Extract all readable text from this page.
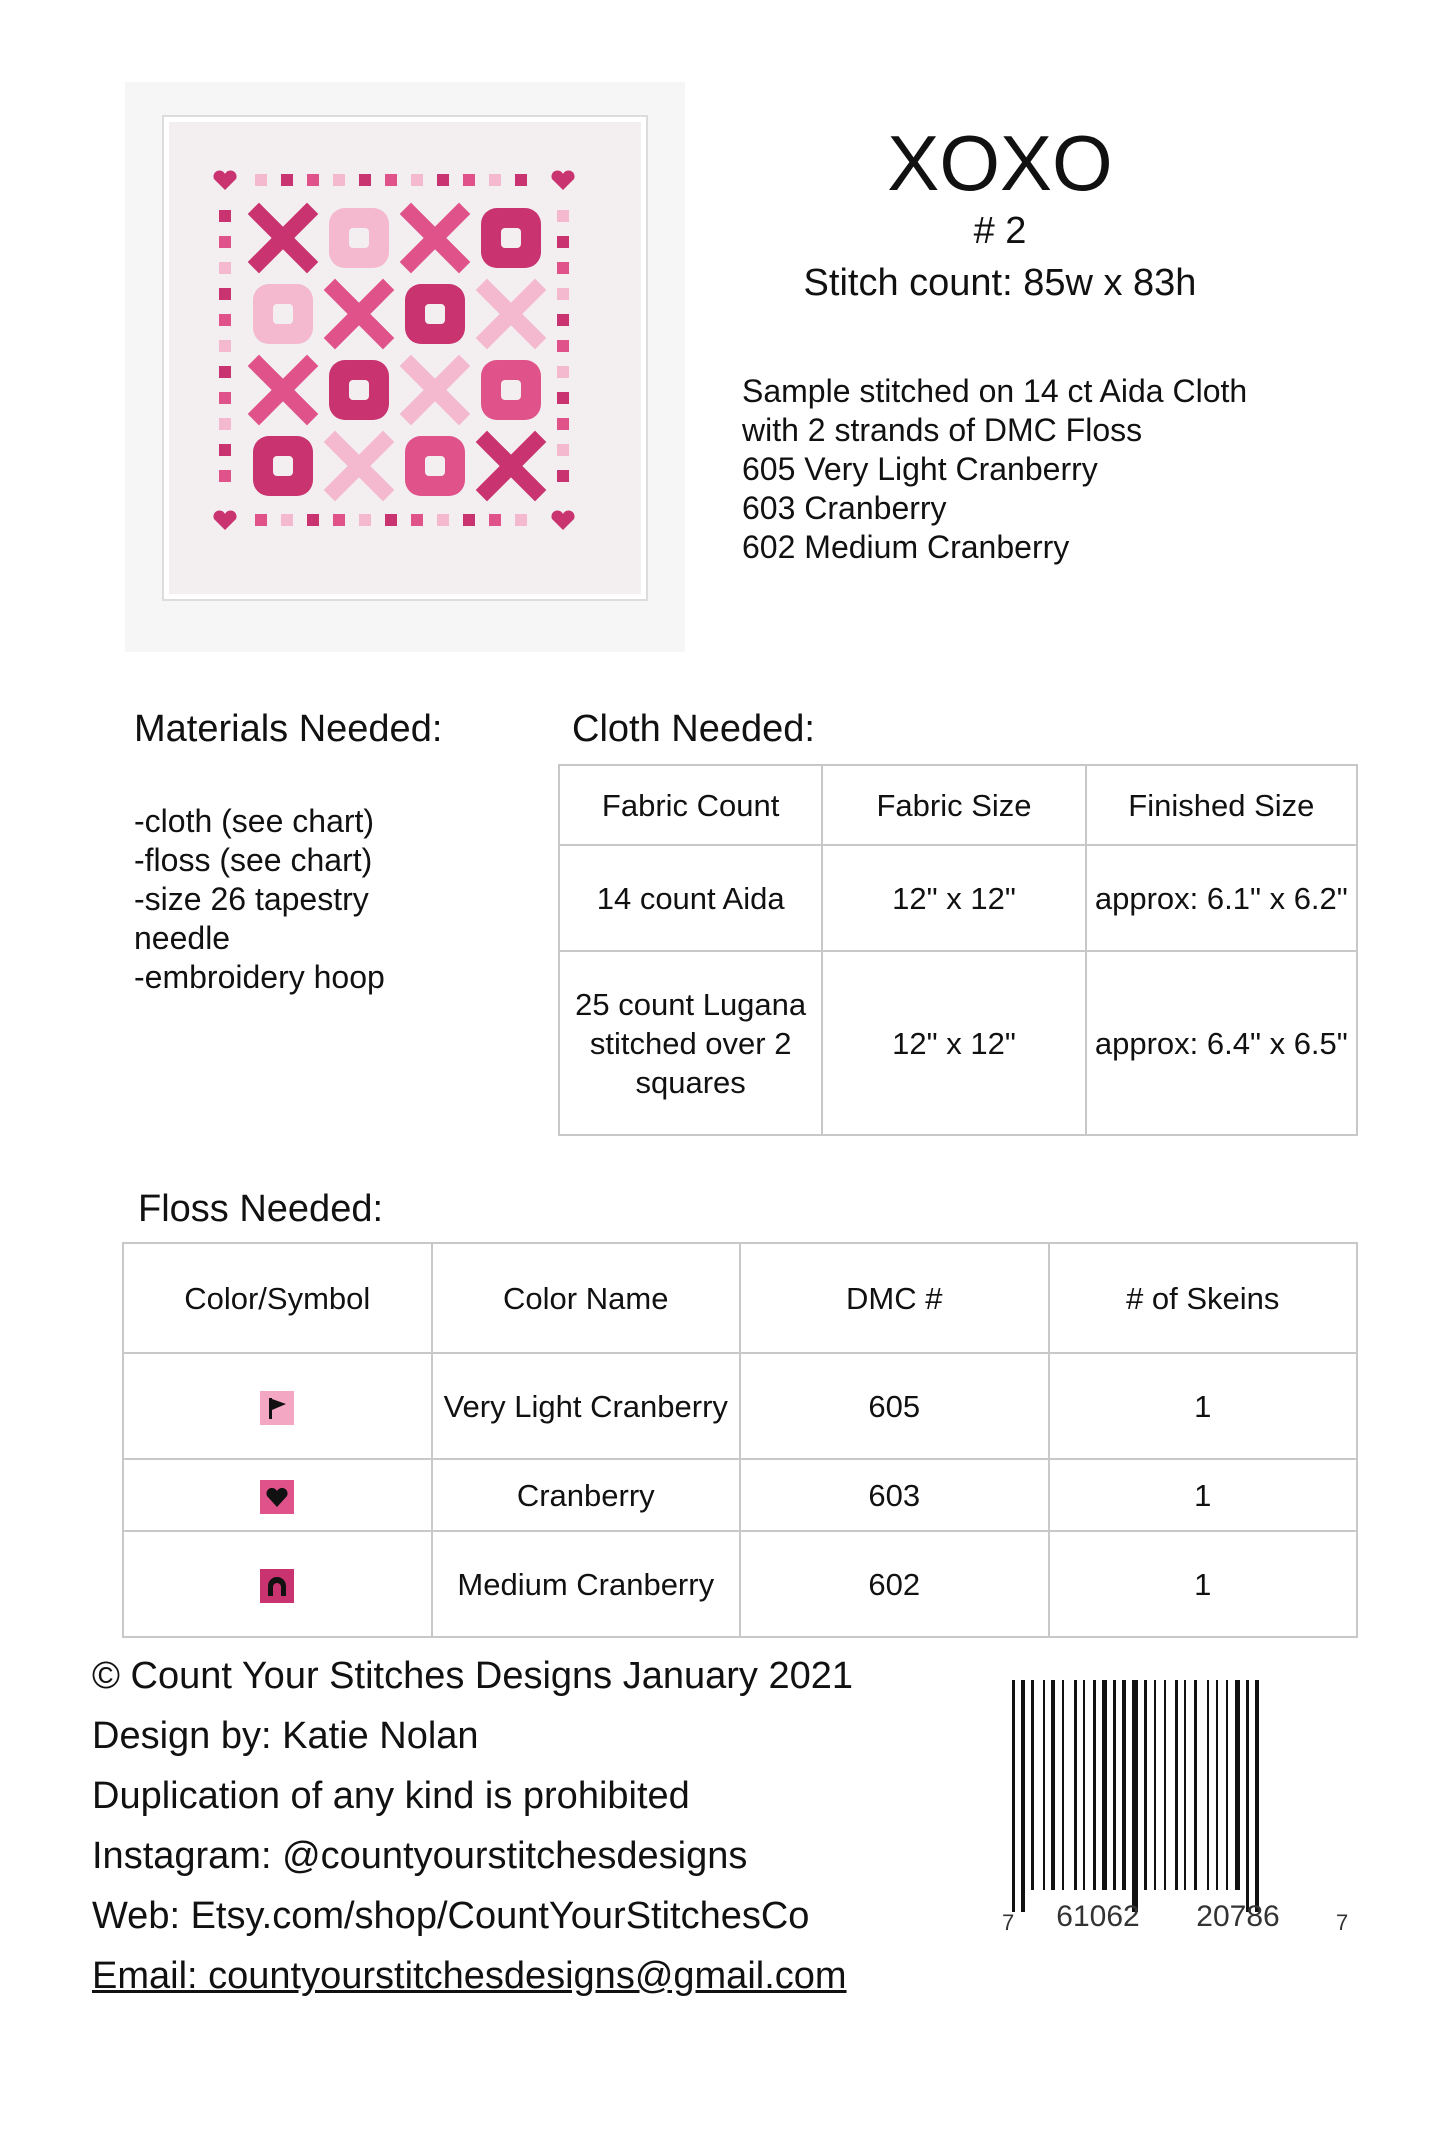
XOXO
# 2
Stitch count: 85w x 83h
Sample stitched on 14 ct Aida Cloth
with 2 strands of DMC Floss
605 Very Light Cranberry
603 Cranberry
602 Medium Cranberry
Materials Needed:
-cloth (see chart)
-floss (see chart)
-size 26 tapestry needle
-embroidery hoop
Cloth Needed:
Fabric Count	Fabric Size	Finished Size
14 count Aida	12" x 12"	approx: 6.1" x 6.2"
25 count Lugana stitched over 2 squares	12" x 12"	approx: 6.4" x 6.5"
Floss Needed:
Color/Symbol	Color Name	DMC #	# of Skeins
	Very Light Cranberry	605	1
	Cranberry	603	1
	Medium Cranberry	602	1
© Count Your Stitches Designs January 2021
Design by: Katie Nolan
Duplication of any kind is prohibited
Instagram: @countyourstitchesdesigns
Web: Etsy.com/shop/CountYourStitchesCo
Email: countyourstitchesdesigns@gmail.com
7 61062 20786	7
